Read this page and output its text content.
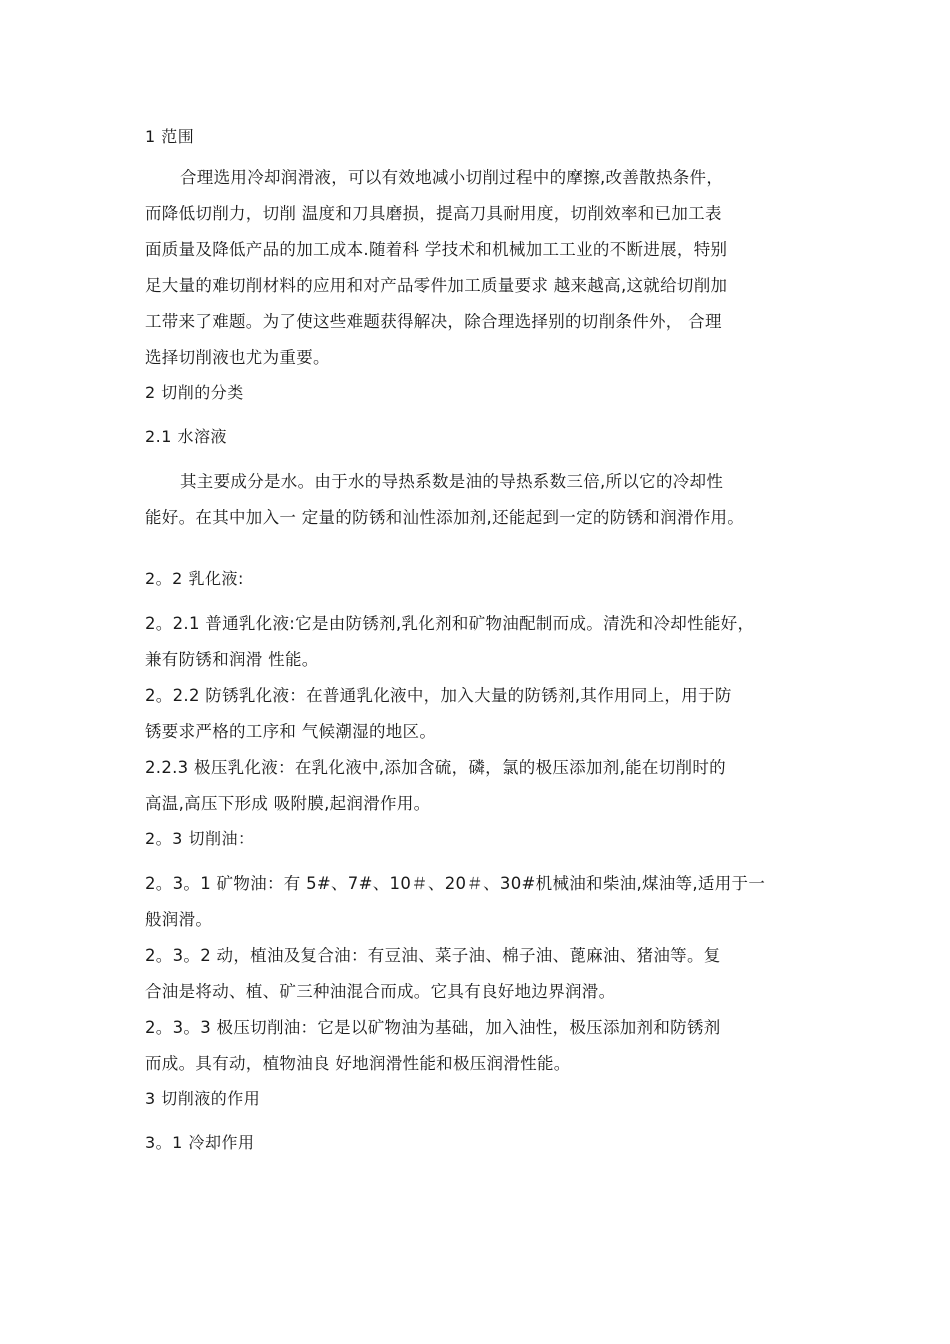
1 范围

合理选用冷却润滑液，可以有效地减小切削过程中的摩擦,改善散热条件，
而降低切削力，切削 温度和刀具磨损，提高刀具耐用度，切削效率和已加工表
面质量及降低产品的加工成本.随着科 学技术和机械加工工业的不断进展，特别
足大量的难切削材料的应用和对产品零件加工质量要求 越来越高,这就给切削加
工带来了难题。为了使这些难题获得解决，除合理选择别的切削条件外， 合理
选择切削液也尤为重要。

2 切削的分类

2.1 水溶液

其主要成分是水。由于水的导热系数是油的导热系数三倍,所以它的冷却性
能好。在其中加入一 定量的防锈和汕性添加剂,还能起到一定的防锈和润滑作用。

2。2 乳化液:

2。2.1 普通乳化液:它是由防锈剂,乳化剂和矿物油配制而成。清洗和冷却性能好，
兼有防锈和润滑 性能。
2。2.2 防锈乳化液：在普通乳化液中，加入大量的防锈剂,其作用同上，用于防
锈要求严格的工序和 气候潮湿的地区。
2.2.3 极压乳化液：在乳化液中,添加含硫，磷，氯的极压添加剂,能在切削时的
高温,高压下形成 吸附膜,起润滑作用。

2。3 切削油：

2。3。1 矿物油：有 5#、7#、10＃、20＃、30#机械油和柴油,煤油等,适用于一
般润滑。
2。3。2 动，植油及复合油：有豆油、菜子油、棉子油、蓖麻油、猪油等。复
合油是将动、植、矿三种油混合而成。它具有良好地边界润滑。
2。3。3 极压切削油：它是以矿物油为基础，加入油性，极压添加剂和防锈剂
而成。具有动，植物油良 好地润滑性能和极压润滑性能。

3 切削液的作用

3。1 冷却作用
